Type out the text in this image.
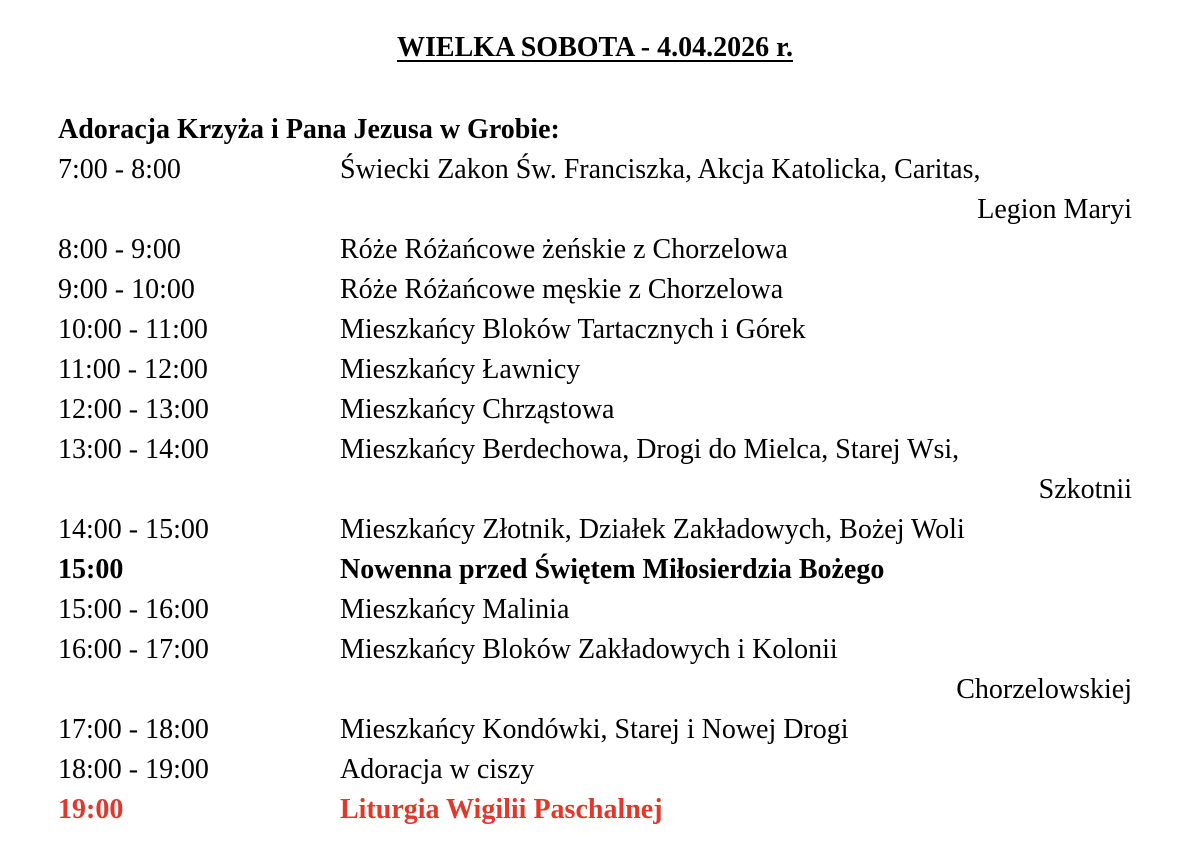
WIELKA SOBOTA - 4.04.2026 r.
Adoracja Krzyża i Pana Jezusa w Grobie:
7:00 - 8:00	Świecki Zakon Św. Franciszka, Akcja Katolicka, Caritas,
Legion Maryi
8:00 - 9:00	Róże Różańcowe żeńskie z Chorzelowa
9:00 - 10:00	Róże Różańcowe męskie z Chorzelowa
10:00 - 11:00	Mieszkańcy Bloków Tartacznych i Górek
11:00 - 12:00	Mieszkańcy Ławnicy
12:00 - 13:00	Mieszkańcy Chrząstowa
13:00 - 14:00	Mieszkańcy Berdechowa, Drogi do Mielca, Starej Wsi,
Szkotnii
14:00 - 15:00	Mieszkańcy Złotnik, Działek Zakładowych, Bożej Woli
15:00	Nowenna przed Świętem Miłosierdzia Bożego
15:00 - 16:00	Mieszkańcy Malinia
16:00 - 17:00	Mieszkańcy Bloków Zakładowych i Kolonii
Chorzelowskiej
17:00 - 18:00	Mieszkańcy Kondówki, Starej i Nowej Drogi
18:00 - 19:00	Adoracja w ciszy
19:00	Liturgia Wigilii Paschalnej
